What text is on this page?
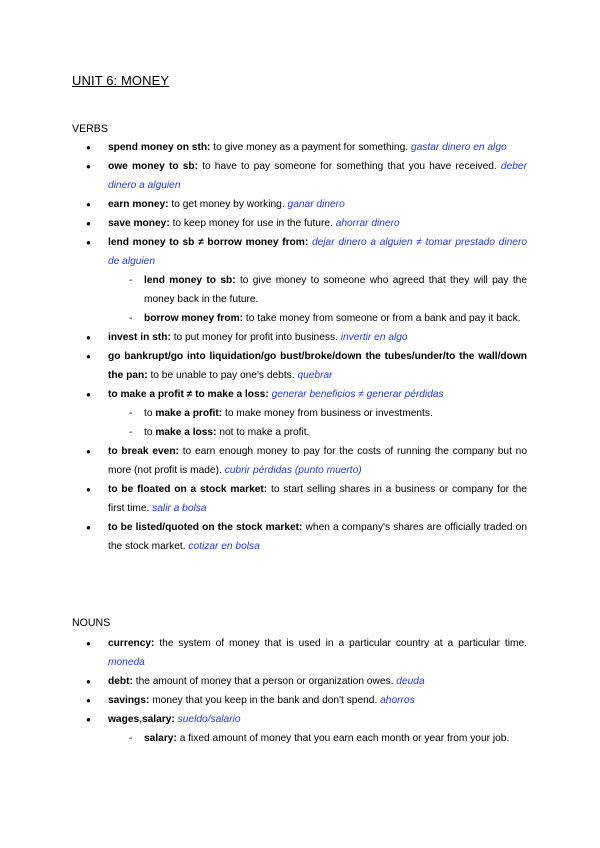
UNIT 6: MONEY
VERBS
● spend money on sth: to give money as a payment for something. gastar dinero en algo
● owe money to sb: to have to pay someone for something that you have received. deber dinero a alguien
● earn money: to get money by working. ganar dinero
● save money: to keep money for use in the future. ahorrar dinero
● lend money to sb ≠ borrow money from: dejar dinero a alguien ≠ tomar prestado dinero de alguien
- lend money to sb: to give money to someone who agreed that they will pay the money back in the future.
- borrow money from: to take money from someone or from a bank and pay it back.
● invest in sth: to put money for profit into business. invertir en algo
● go bankrupt/go into liquidation/go bust/broke/down the tubes/under/to the wall/down the pan: to be unable to pay one's debts. quebrar
● to make a profit ≠ to make a loss: generar beneficios ≠ generar pérdidas
- to make a profit: to make money from business or investments.
- to make a loss: not to make a profit.
● to break even: to earn enough money to pay for the costs of running the company but no more (not profit is made). cubrir pérdidas (punto muerto)
● to be floated on a stock market: to start selling shares in a business or company for the first time. salir a bolsa
● to be listed/quoted on the stock market: when a company's shares are officially traded on the stock market. cotizar en bolsa
NOUNS
● currency: the system of money that is used in a particular country at a particular time. moneda
● debt: the amount of money that a person or organization owes. deuda
● savings: money that you keep in the bank and don't spend. ahorros
● wages,salary: sueldo/salario
- salary: a fixed amount of money that you earn each month or year from your job.
